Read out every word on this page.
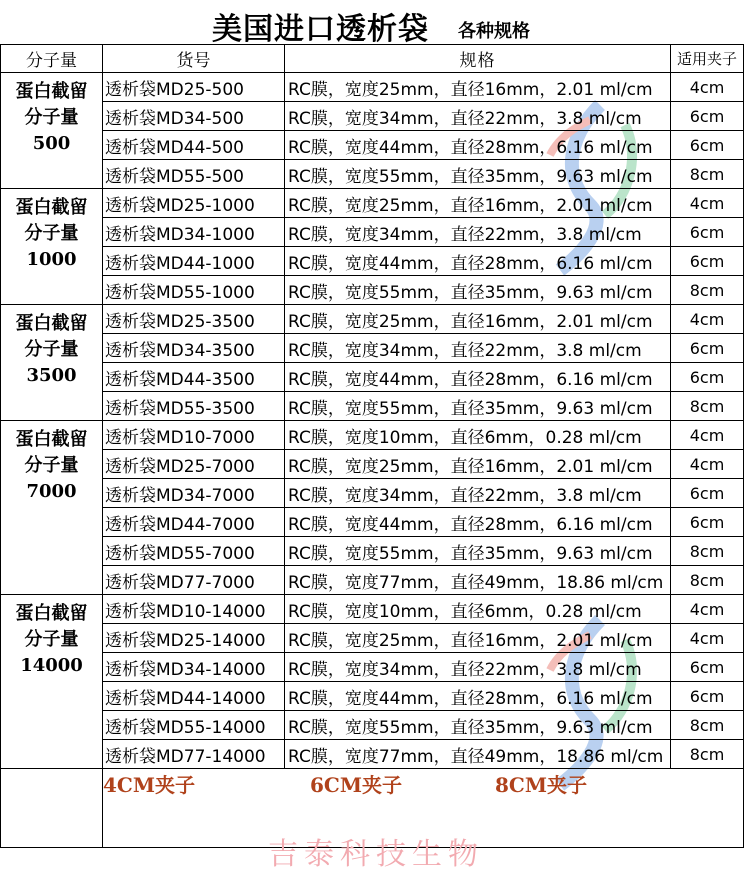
美国进口透析袋 各种规格
分子量	货号	规格	适用夹子

蛋白截留
分子量
500	透析袋MD25-500	RC膜，宽度25mm，直径16mm，2.01 ml/cm	4cm
	透析袋MD34-500	RC膜，宽度34mm，直径22mm，3.8 ml/cm	6cm
	透析袋MD44-500	RC膜，宽度44mm，直径28mm，6.16 ml/cm	6cm
	透析袋MD55-500	RC膜，宽度55mm，直径35mm，9.63 ml/cm	8cm

蛋白截留
分子量
1000	透析袋MD25-1000	RC膜，宽度25mm，直径16mm，2.01 ml/cm	4cm
	透析袋MD34-1000	RC膜，宽度34mm，直径22mm，3.8 ml/cm	6cm
	透析袋MD44-1000	RC膜，宽度44mm，直径28mm，6.16 ml/cm	6cm
	透析袋MD55-1000	RC膜，宽度55mm，直径35mm，9.63 ml/cm	8cm

蛋白截留
分子量
3500	透析袋MD25-3500	RC膜，宽度25mm，直径16mm，2.01 ml/cm	4cm
	透析袋MD34-3500	RC膜，宽度34mm，直径22mm，3.8 ml/cm	6cm
	透析袋MD44-3500	RC膜，宽度44mm，直径28mm，6.16 ml/cm	6cm
	透析袋MD55-3500	RC膜，宽度55mm，直径35mm，9.63 ml/cm	8cm

蛋白截留
分子量
7000	透析袋MD10-7000	RC膜，宽度10mm，直径6mm，0.28 ml/cm	4cm
	透析袋MD25-7000	RC膜，宽度25mm，直径16mm，2.01 ml/cm	4cm
	透析袋MD34-7000	RC膜，宽度34mm，直径22mm，3.8 ml/cm	6cm
	透析袋MD44-7000	RC膜，宽度44mm，直径28mm，6.16 ml/cm	6cm
	透析袋MD55-7000	RC膜，宽度55mm，直径35mm，9.63 ml/cm	8cm
	透析袋MD77-7000	RC膜，宽度77mm，直径49mm，18.86 ml/cm	8cm

蛋白截留
分子量
14000	透析袋MD10-14000	RC膜，宽度10mm，直径6mm，0.28 ml/cm	4cm
	透析袋MD25-14000	RC膜，宽度25mm，直径16mm，2.01 ml/cm	4cm
	透析袋MD34-14000	RC膜，宽度34mm，直径22mm，3.8 ml/cm	6cm
	透析袋MD44-14000	RC膜，宽度44mm，直径28mm，6.16 ml/cm	6cm
	透析袋MD55-14000	RC膜，宽度55mm，直径35mm，9.63 ml/cm	8cm
	透析袋MD77-14000	RC膜，宽度77mm，直径49mm，18.86 ml/cm	8cm

	4CM夹子 6CM夹子 8CM夹子		
吉泰科技生物
